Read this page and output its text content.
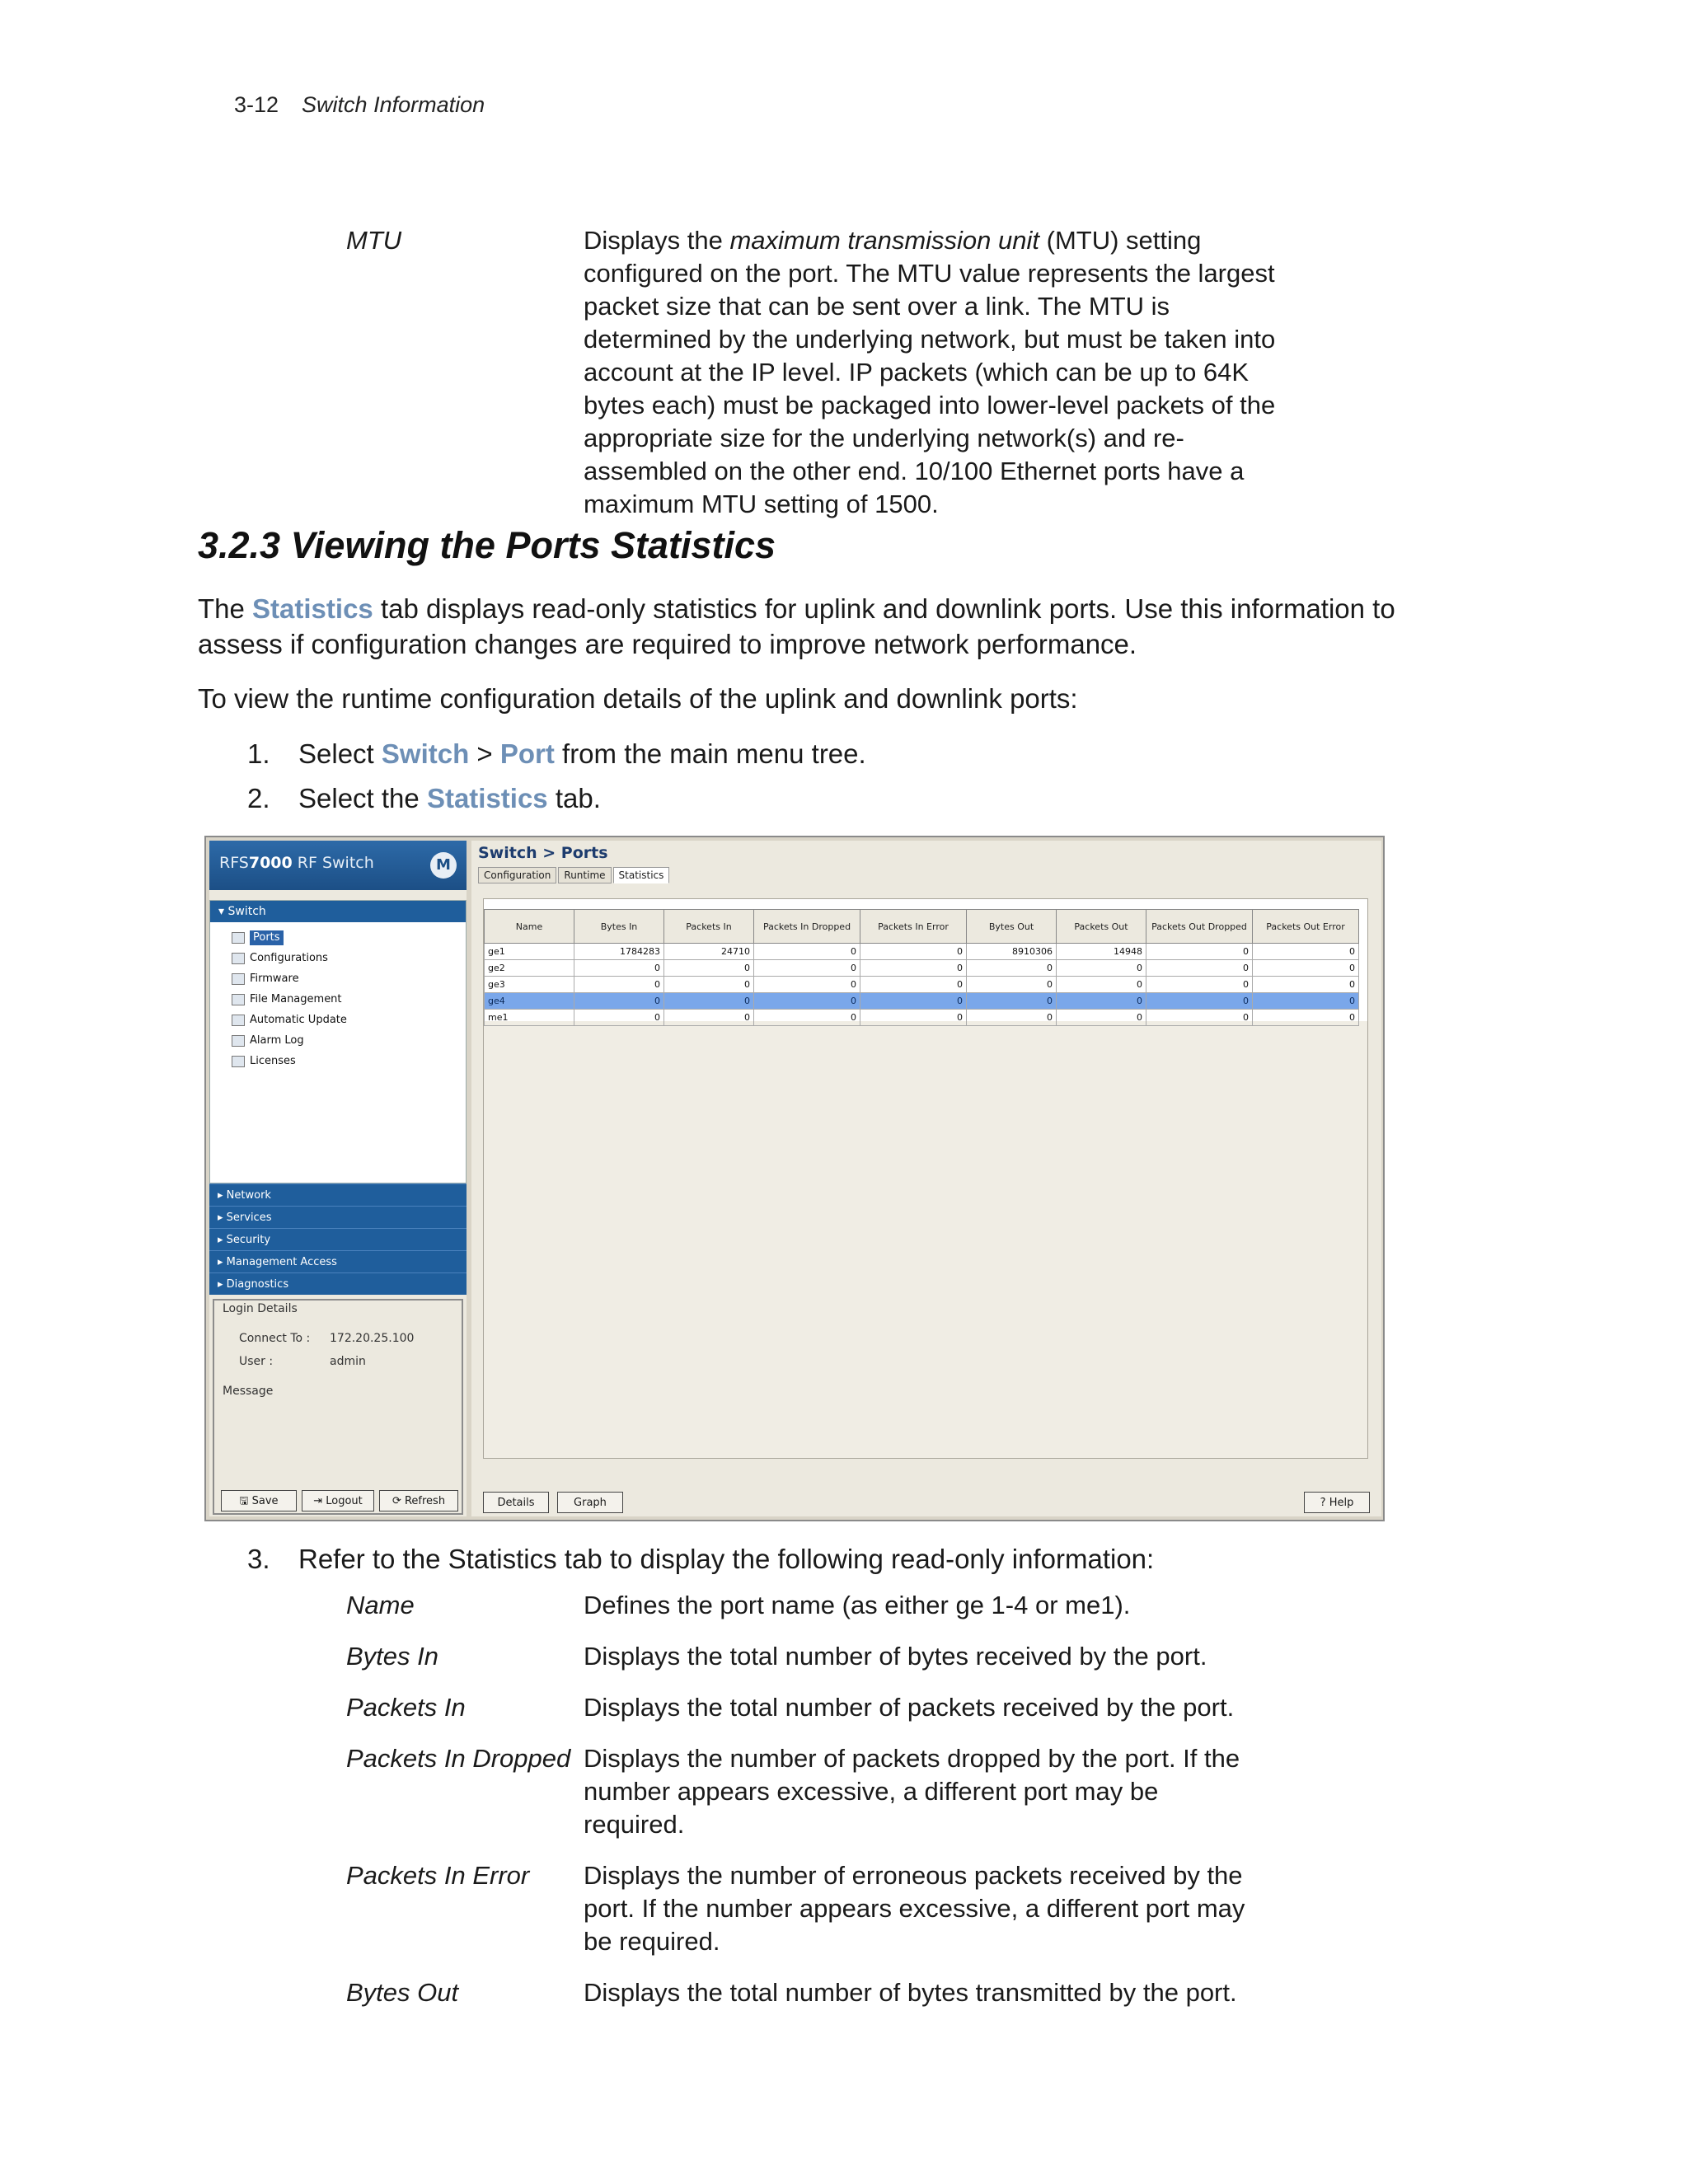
3-12 Switch Information
MTU	Displays the maximum transmission unit (MTU) setting configured on the port. The MTU value represents the largest packet size that can be sent over a link. The MTU is determined by the underlying network, but must be taken into account at the IP level. IP packets (which can be up to 64K bytes each) must be packaged into lower-level packets of the appropriate size for the underlying network(s) and re-assembled on the other end. 10/100 Ethernet ports have a maximum MTU setting of 1500.
3.2.3 Viewing the Ports Statistics
The Statistics tab displays read-only statistics for uplink and downlink ports. Use this information to assess if configuration changes are required to improve network performance.
To view the runtime configuration details of the uplink and downlink ports:
1. Select Switch > Port from the main menu tree.
2. Select the Statistics tab.
RFS7000 RF Switch	M
▾ Switch
Ports
Configurations
Firmware
File Management
Automatic Update
Alarm Log
Licenses
▸ Network
▸ Services
▸ Security
▸ Management Access
▸ Diagnostics
Login Details
Connect To : 172.20.25.100
User :	admin
Message
🖫 Save	⇥ Logout	⟳ Refresh
Switch > Ports
Configuration	Runtime	Statistics
Name	Bytes In	Packets In	Packets In Dropped	Packets In Error	Bytes Out	Packets Out	Packets Out Dropped	Packets Out Error
ge1	1784283	24710	0	0	8910306	14948	0	0
ge2	0	0	0	0	0	0	0	0
ge3	0	0	0	0	0	0	0	0
ge4	0	0	0	0	0	0	0	0
me1	0	0	0	0	0	0	0	0
Details	Graph	? Help
3. Refer to the Statistics tab to display the following read-only information:
Name	Defines the port name (as either ge 1-4 or me1).
Bytes In	Displays the total number of bytes received by the port.
Packets In	Displays the total number of packets received by the port.
Packets In Dropped Displays the number of packets dropped by the port. If the number appears excessive, a different port may be required.
Packets In Error	Displays the number of erroneous packets received by the port. If the number appears excessive, a different port may be required.
Bytes Out	Displays the total number of bytes transmitted by the port.
